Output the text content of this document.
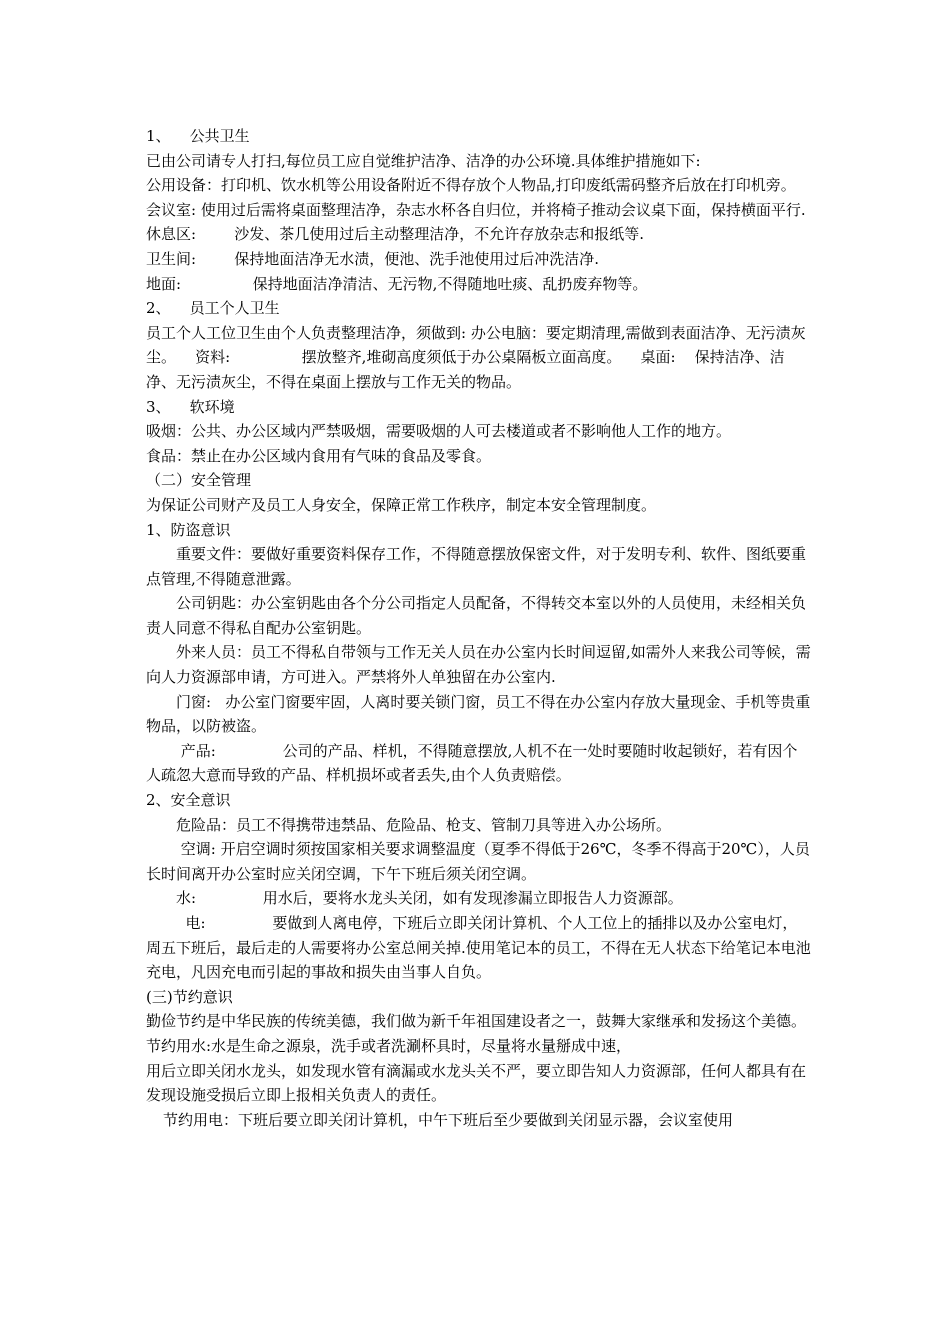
1、    公共卫生

已由公司请专人打扫,每位员工应自觉维护洁净、洁净的办公环境.具体维护措施如下:

公用设备：打印机、饮水机等公用设备附近不得存放个人物品,打印废纸需码整齐后放在打印机旁。

会议室: 使用过后需将桌面整理洁净，杂志水杯各自归位，并将椅子推动会议桌下面，保持横面平行.

休息区:        沙发、茶几使用过后主动整理洁净，不允许存放杂志和报纸等.

卫生间:        保持地面洁净无水渍，便池、洗手池使用过后冲洗洁净.

地面:               保持地面洁净清洁、无污物,不得随地吐痰、乱扔废弃物等。

2、    员工个人卫生

员工个人工位卫生由个人负责整理洁净，须做到: 办公电脑：要定期清理,需做到表面洁净、无污渍灰尘。    资料:               摆放整齐,堆砌高度须低于办公桌隔板立面高度。    桌面:    保持洁净、洁净、无污渍灰尘，不得在桌面上摆放与工作无关的物品。

3、    软环境

吸烟：公共、办公区域内严禁吸烟，需要吸烟的人可去楼道或者不影响他人工作的地方。

食品：禁止在办公区域内食用有气味的食品及零食。

（二）安全管理

为保证公司财产及员工人身安全，保障正常工作秩序，制定本安全管理制度。

1、防盗意识

重要文件：要做好重要资料保存工作，不得随意摆放保密文件，对于发明专利、软件、图纸要重点管理,不得随意泄露。

公司钥匙：办公室钥匙由各个分公司指定人员配备，不得转交本室以外的人员使用，未经相关负责人同意不得私自配办公室钥匙。

外来人员：员工不得私自带领与工作无关人员在办公室内长时间逗留,如需外人来我公司等候，需向人力资源部申请，方可进入。严禁将外人单独留在办公室内.

门窗:   办公室门窗要牢固，人离时要关锁门窗，员工不得在办公室内存放大量现金、手机等贵重物品，以防被盗。

产品:              公司的产品、样机，不得随意摆放,人机不在一处时要随时收起锁好，若有因个人疏忽大意而导致的产品、样机损坏或者丢失,由个人负责赔偿。

2、安全意识

危险品：员工不得携带违禁品、危险品、枪支、管制刀具等进入办公场所。

空调: 开启空调时须按国家相关要求调整温度（夏季不得低于26℃，冬季不得高于20℃），人员长时间离开办公室时应关闭空调，下午下班后须关闭空调。

水:              用水后，要将水龙头关闭，如有发现渗漏立即报告人力资源部。

电:              要做到人离电停，下班后立即关闭计算机、个人工位上的插排以及办公室电灯，周五下班后，最后走的人需要将办公室总闸关掉.使用笔记本的员工，不得在无人状态下给笔记本电池充电，凡因充电而引起的事故和损失由当事人自负。

(三)节约意识

勤俭节约是中华民族的传统美德，我们做为新千年祖国建设者之一，鼓舞大家继承和发扬这个美德。

节约用水:水是生命之源泉，洗手或者洗涮杯具时，尽量将水量掰成中速，

用后立即关闭水龙头，如发现水管有滴漏或水龙头关不严，要立即告知人力资源部，任何人都具有在发现设施受损后立即上报相关负责人的责任。

节约用电：下班后要立即关闭计算机，中午下班后至少要做到关闭显示器，会议室使用
